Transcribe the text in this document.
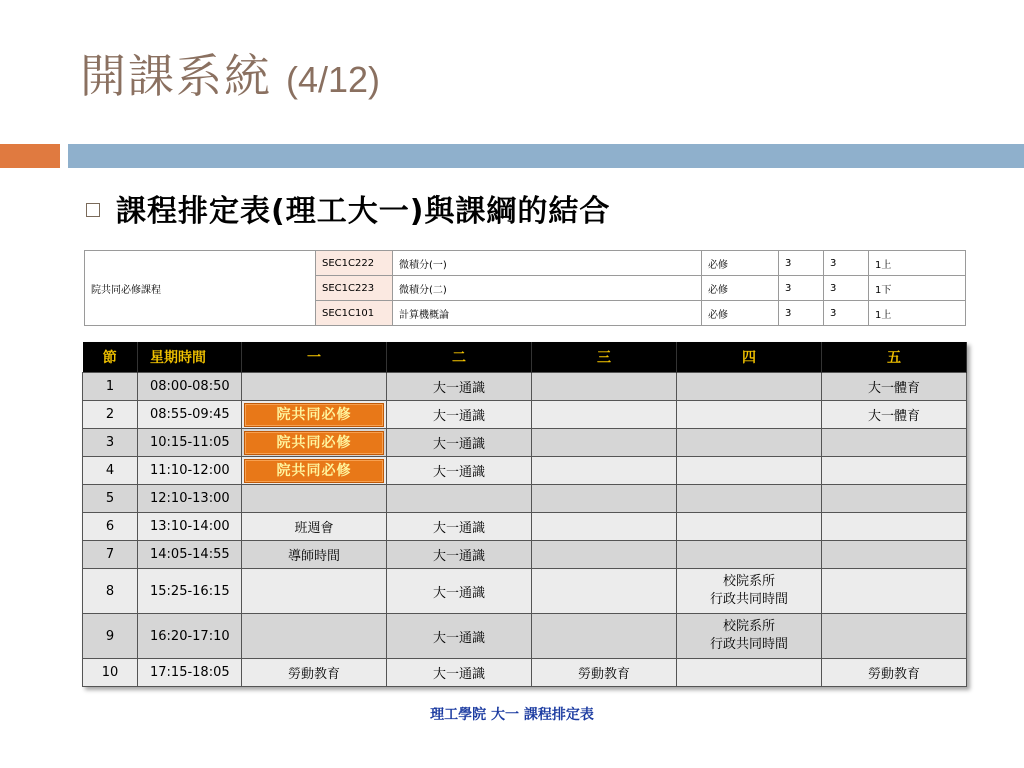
開課系統 (4/12)
課程排定表(理工大一)與課綱的結合
院共同必修課程	SEC1C222	微積分(一)	必修	3	3	1上
	SEC1C223	微積分(二)	必修	3	3	1下
	SEC1C101	計算機概論	必修	3	3	1上
節	星期時間	一	二	三	四	五
1	08:00-08:50		大一通識			大一體育
2	08:55-09:45	院共同必修	大一通識			大一體育
3	10:15-11:05	院共同必修	大一通識			
4	11:10-12:00	院共同必修	大一通識			
5	12:10-13:00					
6	13:10-14:00	班週會	大一通識			
7	14:05-14:55	導師時間	大一通識			
8	15:25-16:15		大一通識		校院系所
行政共同時間	

9	16:20-17:10		大一通識		校院系所
行政共同時間	

10	17:15-18:05	勞動教育	大一通識	勞動教育		勞動教育
理工學院 大一 課程排定表
